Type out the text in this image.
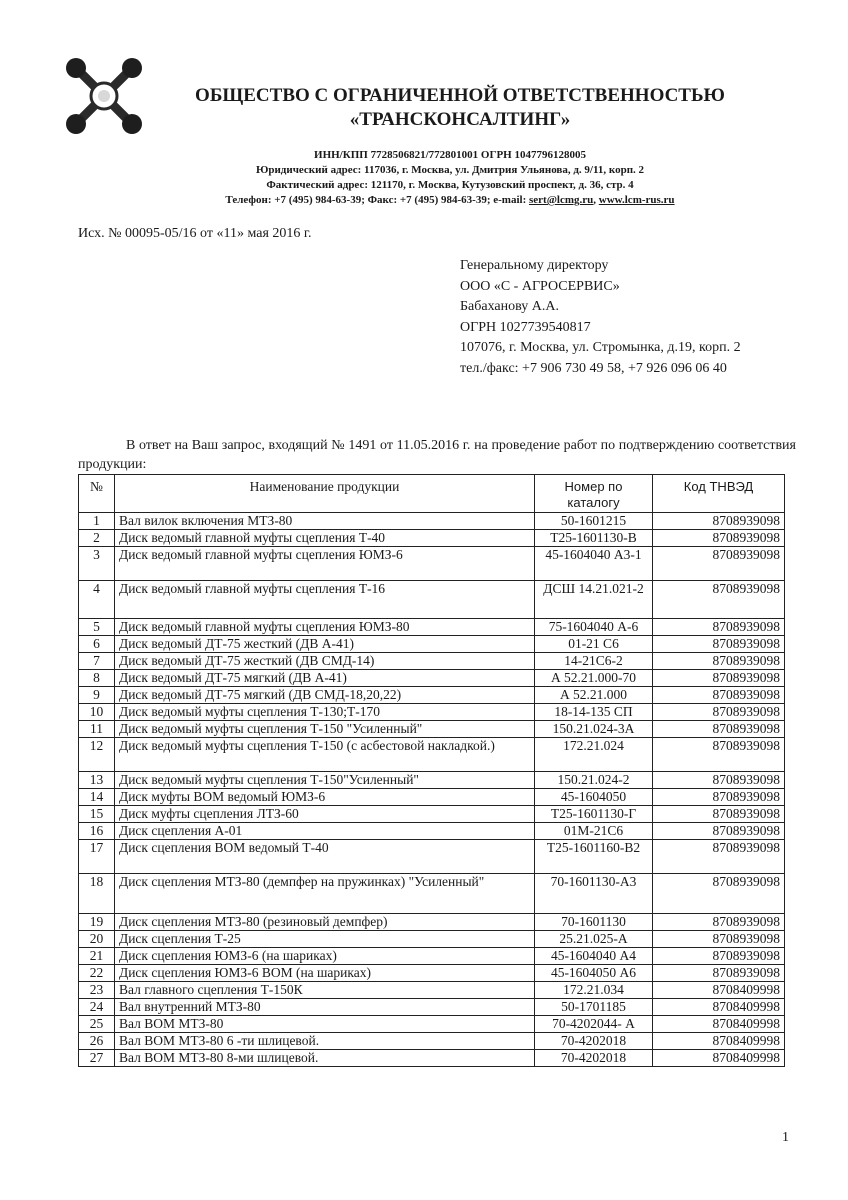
ОБЩЕСТВО С ОГРАНИЧЕННОЙ ОТВЕТСТВЕННОСТЬЮ
«ТРАНСКОНСАЛТИНГ»
ИНН/КПП 7728506821/772801001 ОГРН 1047796128005
Юридический адрес: 117036, г. Москва, ул. Дмитрия Ульянова, д. 9/11, корп. 2
Фактический адрес: 121170, г. Москва, Кутузовский проспект, д. 36, стр. 4
Телефон: +7 (495) 984-63-39; Факс: +7 (495) 984-63-39; e-mail: sert@lcmg.ru, www.lcm-rus.ru
Исх. № 00095-05/16 от «11» мая 2016 г.
Генеральному директору
ООО «С - АГРОСЕРВИС»
Бабаханову А.А.
ОГРН 1027739540817
107076, г. Москва, ул. Стромынка, д.19, корп. 2
тел./факс: +7 906 730 49 58, +7 926 096 06 40
В ответ на Ваш запрос, входящий № 1491 от 11.05.2016 г. на проведение работ по подтверждению соответствия продукции:
№	Наименование продукции	Номер по каталогу	Код ТНВЭД
1	Вал вилок включения МТЗ-80	50-1601215	8708939098
2	Диск ведомый главной муфты сцепления Т-40	Т25-1601130-В	8708939098
3	Диск ведомый главной муфты сцепления ЮМЗ-6	45-1604040 А3-1	8708939098
4	Диск ведомый главной муфты сцепления Т-16	ДСШ 14.21.021-2	8708939098
5	Диск ведомый главной муфты сцепления ЮМЗ-80	75-1604040 А-6	8708939098
6	Диск ведомый ДТ-75 жесткий (ДВ А-41)	01-21 С6	8708939098
7	Диск ведомый ДТ-75 жесткий (ДВ СМД-14)	14-21С6-2	8708939098
8	Диск ведомый ДТ-75 мягкий (ДВ А-41)	А 52.21.000-70	8708939098
9	Диск ведомый ДТ-75 мягкий (ДВ СМД-18,20,22)	А 52.21.000	8708939098
10	Диск ведомый муфты сцепления Т-130;Т-170	18-14-135 СП	8708939098
11	Диск ведомый муфты сцепления Т-150 "Усиленный"	150.21.024-3А	8708939098
12	Диск ведомый муфты сцепления Т-150 (с асбестовой накладкой.)	172.21.024	8708939098
13	Диск ведомый муфты сцепления Т-150"Усиленный"	150.21.024-2	8708939098
14	Диск муфты ВОМ ведомый ЮМЗ-6	45-1604050	8708939098
15	Диск муфты сцепления ЛТЗ-60	Т25-1601130-Г	8708939098
16	Диск сцепления А-01	01М-21С6	8708939098
17	Диск сцепления ВОМ ведомый Т-40	Т25-1601160-В2	8708939098
18	Диск сцепления МТЗ-80 (демпфер на пружинках) "Усиленный"	70-1601130-А3	8708939098
19	Диск сцепления МТЗ-80 (резиновый демпфер)	70-1601130	8708939098
20	Диск сцепления Т-25	25.21.025-А	8708939098
21	Диск сцепления ЮМЗ-6 (на шариках)	45-1604040 А4	8708939098
22	Диск сцепления ЮМЗ-6 ВОМ (на шариках)	45-1604050 А6	8708939098
23	Вал главного сцепления Т-150К	172.21.034	8708409998
24	Вал внутренний МТЗ-80	50-1701185	8708409998
25	Вал ВОМ МТЗ-80	70-4202044- А	8708409998
26	Вал ВОМ МТЗ-80 6 -ти шлицевой.	70-4202018	8708409998
27	Вал ВОМ МТЗ-80 8-ми шлицевой.	70-4202018	8708409998
1
